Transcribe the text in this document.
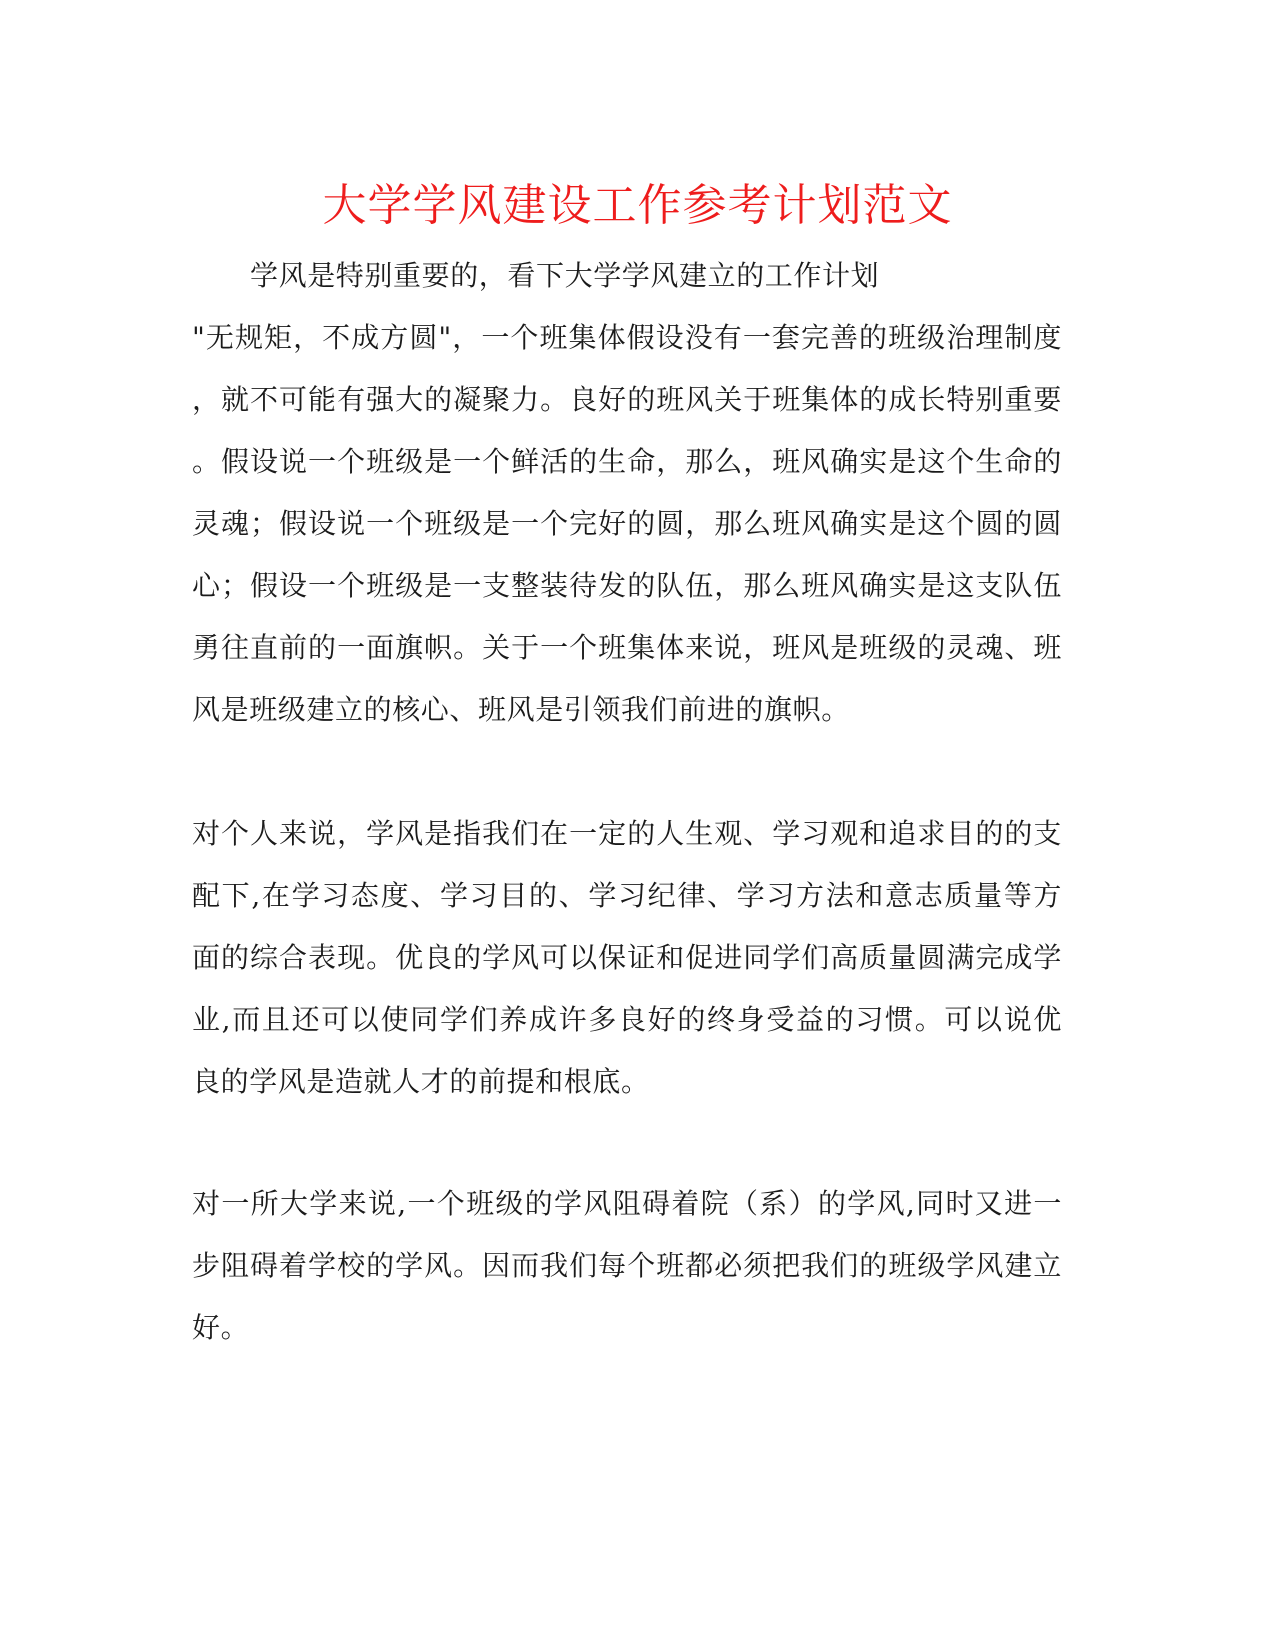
大学学风建设工作参考计划范文
学风是特别重要的，看下大学学风建立的工作计划
"无规矩，不成方圆"，一个班集体假设没有一套完善的班级治理制度
，就不可能有强大的凝聚力。良好的班风关于班集体的成长特别重要
。假设说一个班级是一个鲜活的生命，那么，班风确实是这个生命的
灵魂；假设说一个班级是一个完好的圆，那么班风确实是这个圆的圆
心；假设一个班级是一支整装待发的队伍，那么班风确实是这支队伍
勇往直前的一面旗帜。关于一个班集体来说，班风是班级的灵魂、班
风是班级建立的核心、班风是引领我们前进的旗帜。
对个人来说，学风是指我们在一定的人生观、学习观和追求目的的支
配下,在学习态度、学习目的、学习纪律、学习方法和意志质量等方
面的综合表现。优良的学风可以保证和促进同学们高质量圆满完成学
业,而且还可以使同学们养成许多良好的终身受益的习惯。可以说优
良的学风是造就人才的前提和根底。
对一所大学来说,一个班级的学风阻碍着院（系）的学风,同时又进一
步阻碍着学校的学风。因而我们每个班都必须把我们的班级学风建立
好。
